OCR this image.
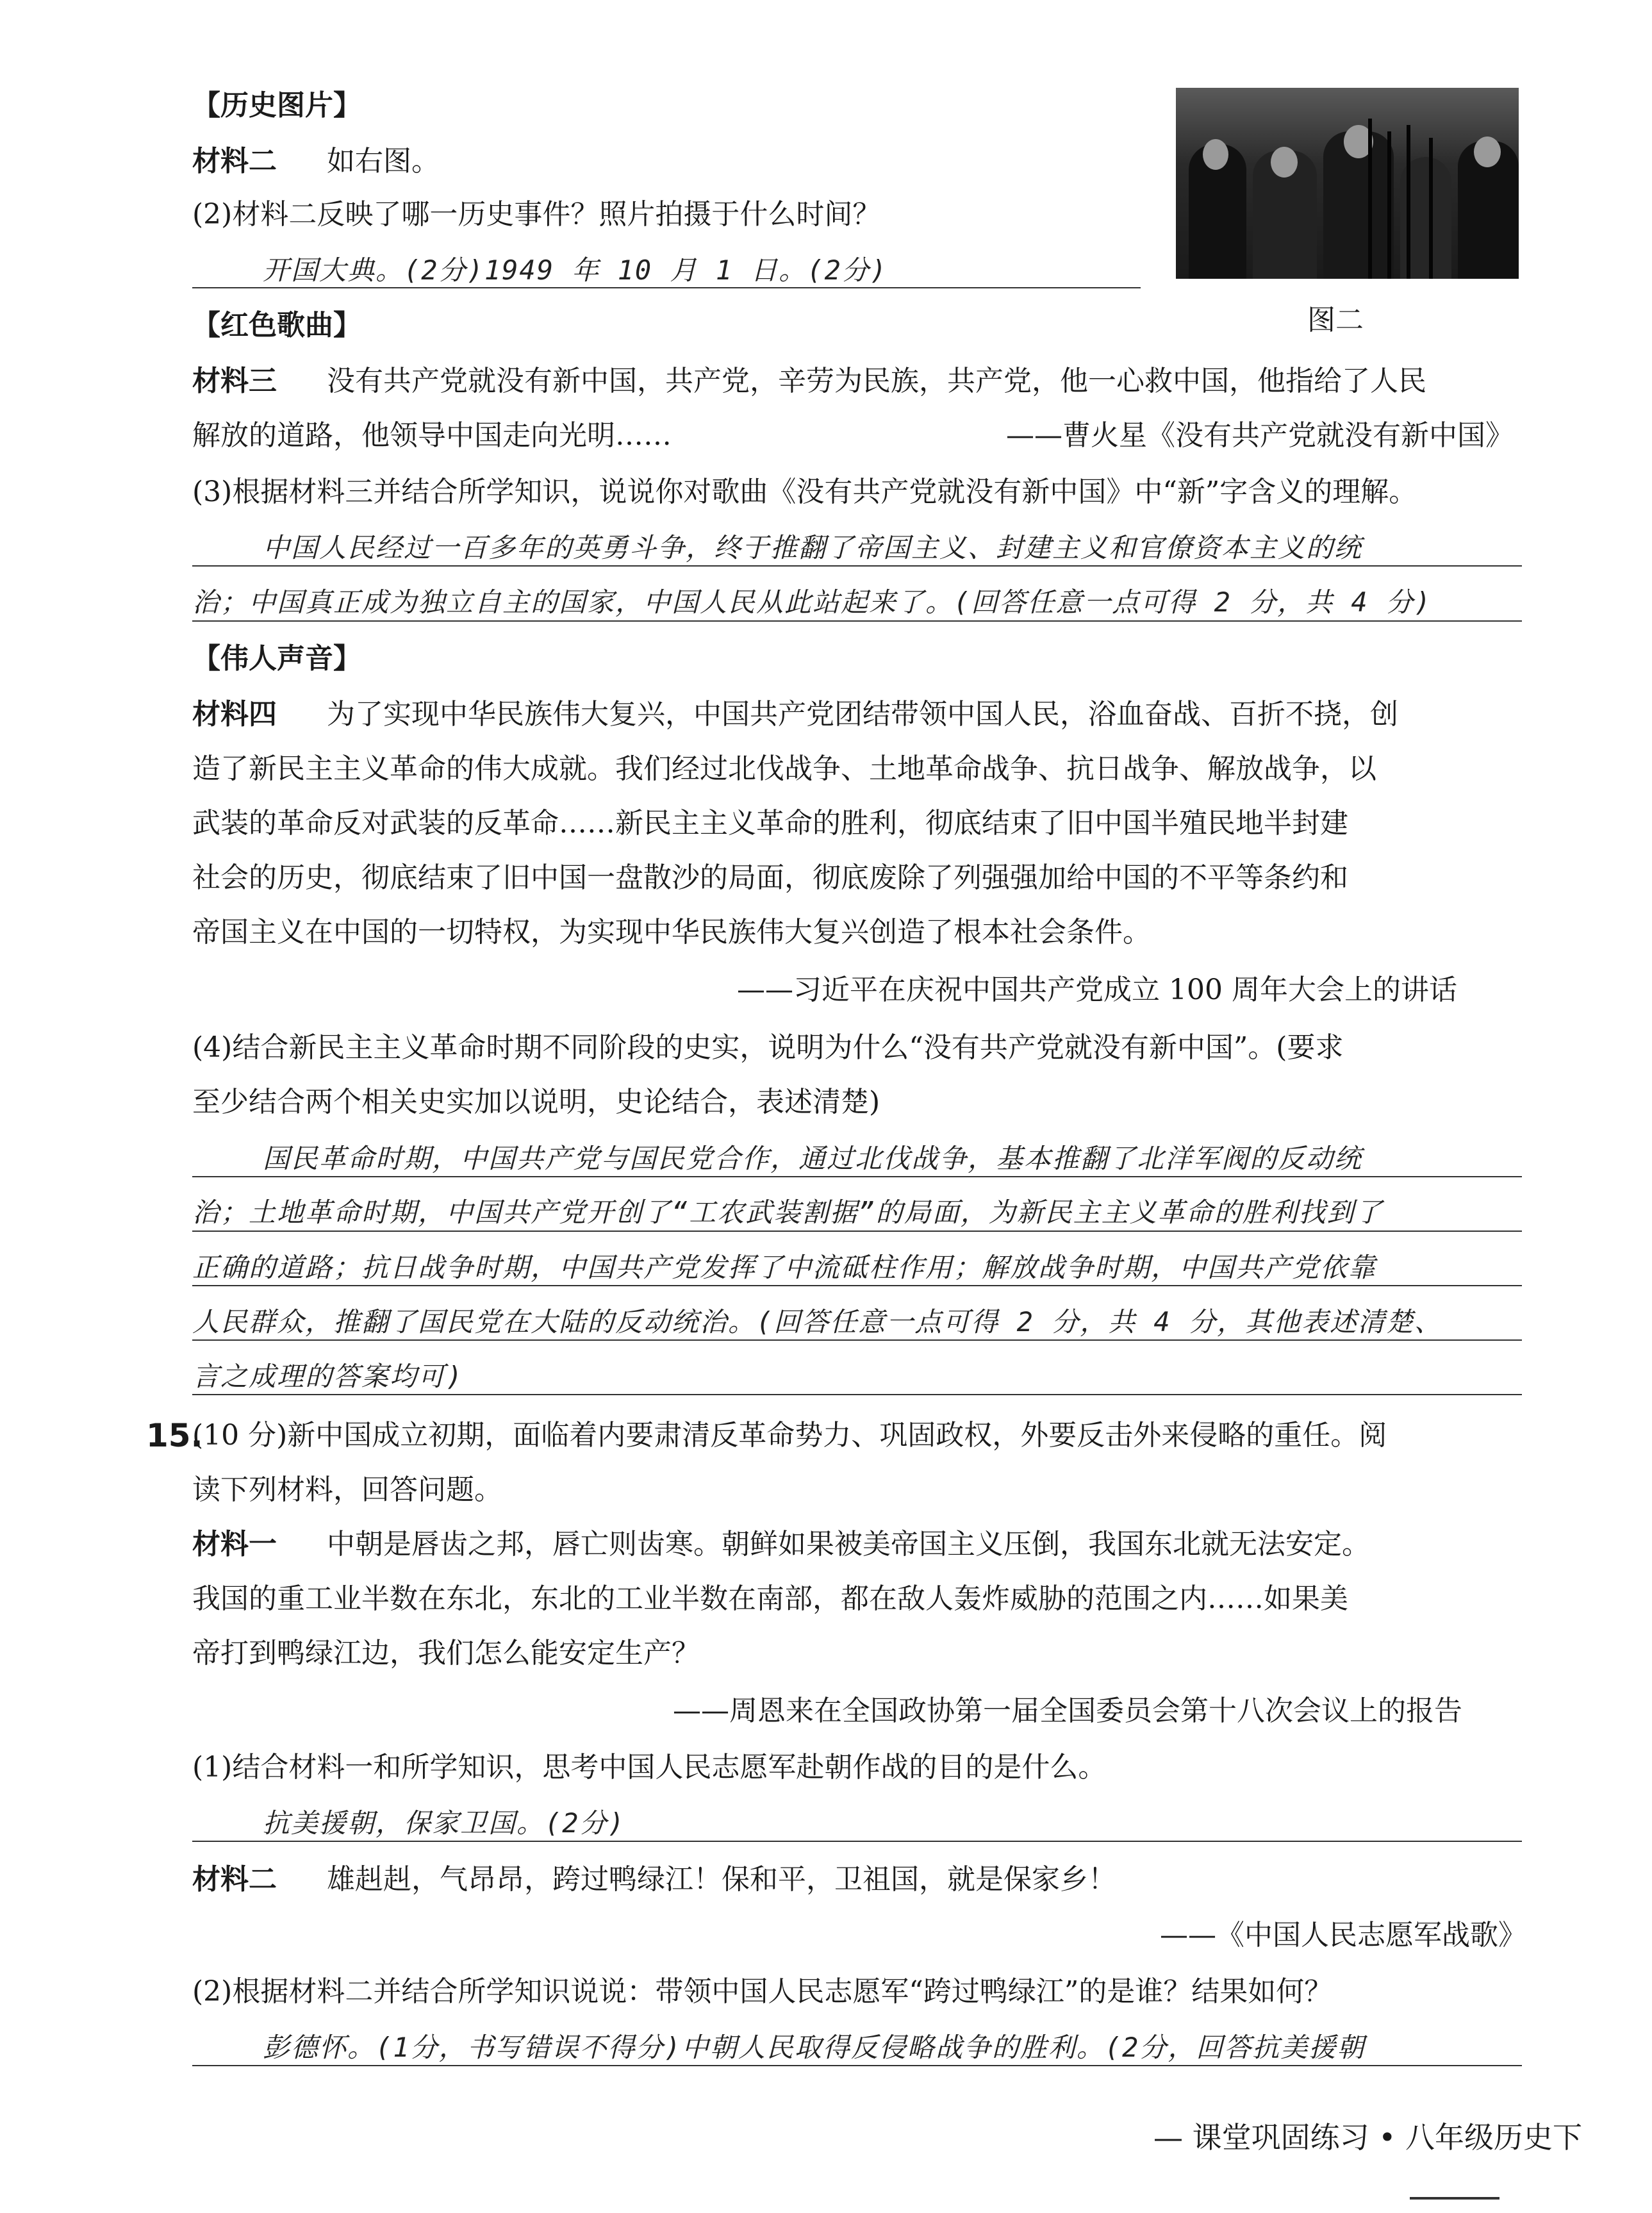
【历史图片】
材料二 如右图。
(2)材料二反映了哪一历史事件？照片拍摄于什么时间？
开国大典。(2分)1949 年 10 月 1 日。(2分)
图二
【红色歌曲】
材料三 没有共产党就没有新中国，共产党，辛劳为民族，共产党，他一心救中国，他指给了人民
解放的道路，他领导中国走向光明……	——曹火星《没有共产党就没有新中国》
(3)根据材料三并结合所学知识，说说你对歌曲《没有共产党就没有新中国》中“新”字含义的理解。
中国人民经过一百多年的英勇斗争，终于推翻了帝国主义、封建主义和官僚资本主义的统
治；中国真正成为独立自主的国家，中国人民从此站起来了。(回答任意一点可得 2 分，共 4 分)
【伟人声音】
材料四 为了实现中华民族伟大复兴，中国共产党团结带领中国人民，浴血奋战、百折不挠，创
造了新民主主义革命的伟大成就。我们经过北伐战争、土地革命战争、抗日战争、解放战争，以
武装的革命反对武装的反革命……新民主主义革命的胜利，彻底结束了旧中国半殖民地半封建
社会的历史，彻底结束了旧中国一盘散沙的局面，彻底废除了列强强加给中国的不平等条约和
帝国主义在中国的一切特权，为实现中华民族伟大复兴创造了根本社会条件。
——习近平在庆祝中国共产党成立 100 周年大会上的讲话
(4)结合新民主主义革命时期不同阶段的史实，说明为什么“没有共产党就没有新中国”。(要求
至少结合两个相关史实加以说明，史论结合，表述清楚)
国民革命时期，中国共产党与国民党合作，通过北伐战争，基本推翻了北洋军阀的反动统
治；土地革命时期，中国共产党开创了“工农武装割据”的局面，为新民主主义革命的胜利找到了
正确的道路；抗日战争时期，中国共产党发挥了中流砥柱作用；解放战争时期，中国共产党依靠
人民群众，推翻了国民党在大陆的反动统治。(回答任意一点可得 2 分，共 4 分，其他表述清楚、
言之成理的答案均可)
15.
(10 分)新中国成立初期，面临着内要肃清反革命势力、巩固政权，外要反击外来侵略的重任。阅
读下列材料，回答问题。
材料一 中朝是唇齿之邦，唇亡则齿寒。朝鲜如果被美帝国主义压倒，我国东北就无法安定。
我国的重工业半数在东北，东北的工业半数在南部，都在敌人轰炸威胁的范围之内……如果美
帝打到鸭绿江边，我们怎么能安定生产？
——周恩来在全国政协第一届全国委员会第十八次会议上的报告
(1)结合材料一和所学知识，思考中国人民志愿军赴朝作战的目的是什么。
抗美援朝，保家卫国。(2分)
材料二 雄赳赳，气昂昂，跨过鸭绿江！保和平，卫祖国，就是保家乡！
——《中国人民志愿军战歌》
(2)根据材料二并结合所学知识说说：带领中国人民志愿军“跨过鸭绿江”的是谁？结果如何？
彭德怀。(1分，书写错误不得分)中朝人民取得反侵略战争的胜利。(2分，回答抗美援朝
— 课堂巩固练习 • 八年级历史下
